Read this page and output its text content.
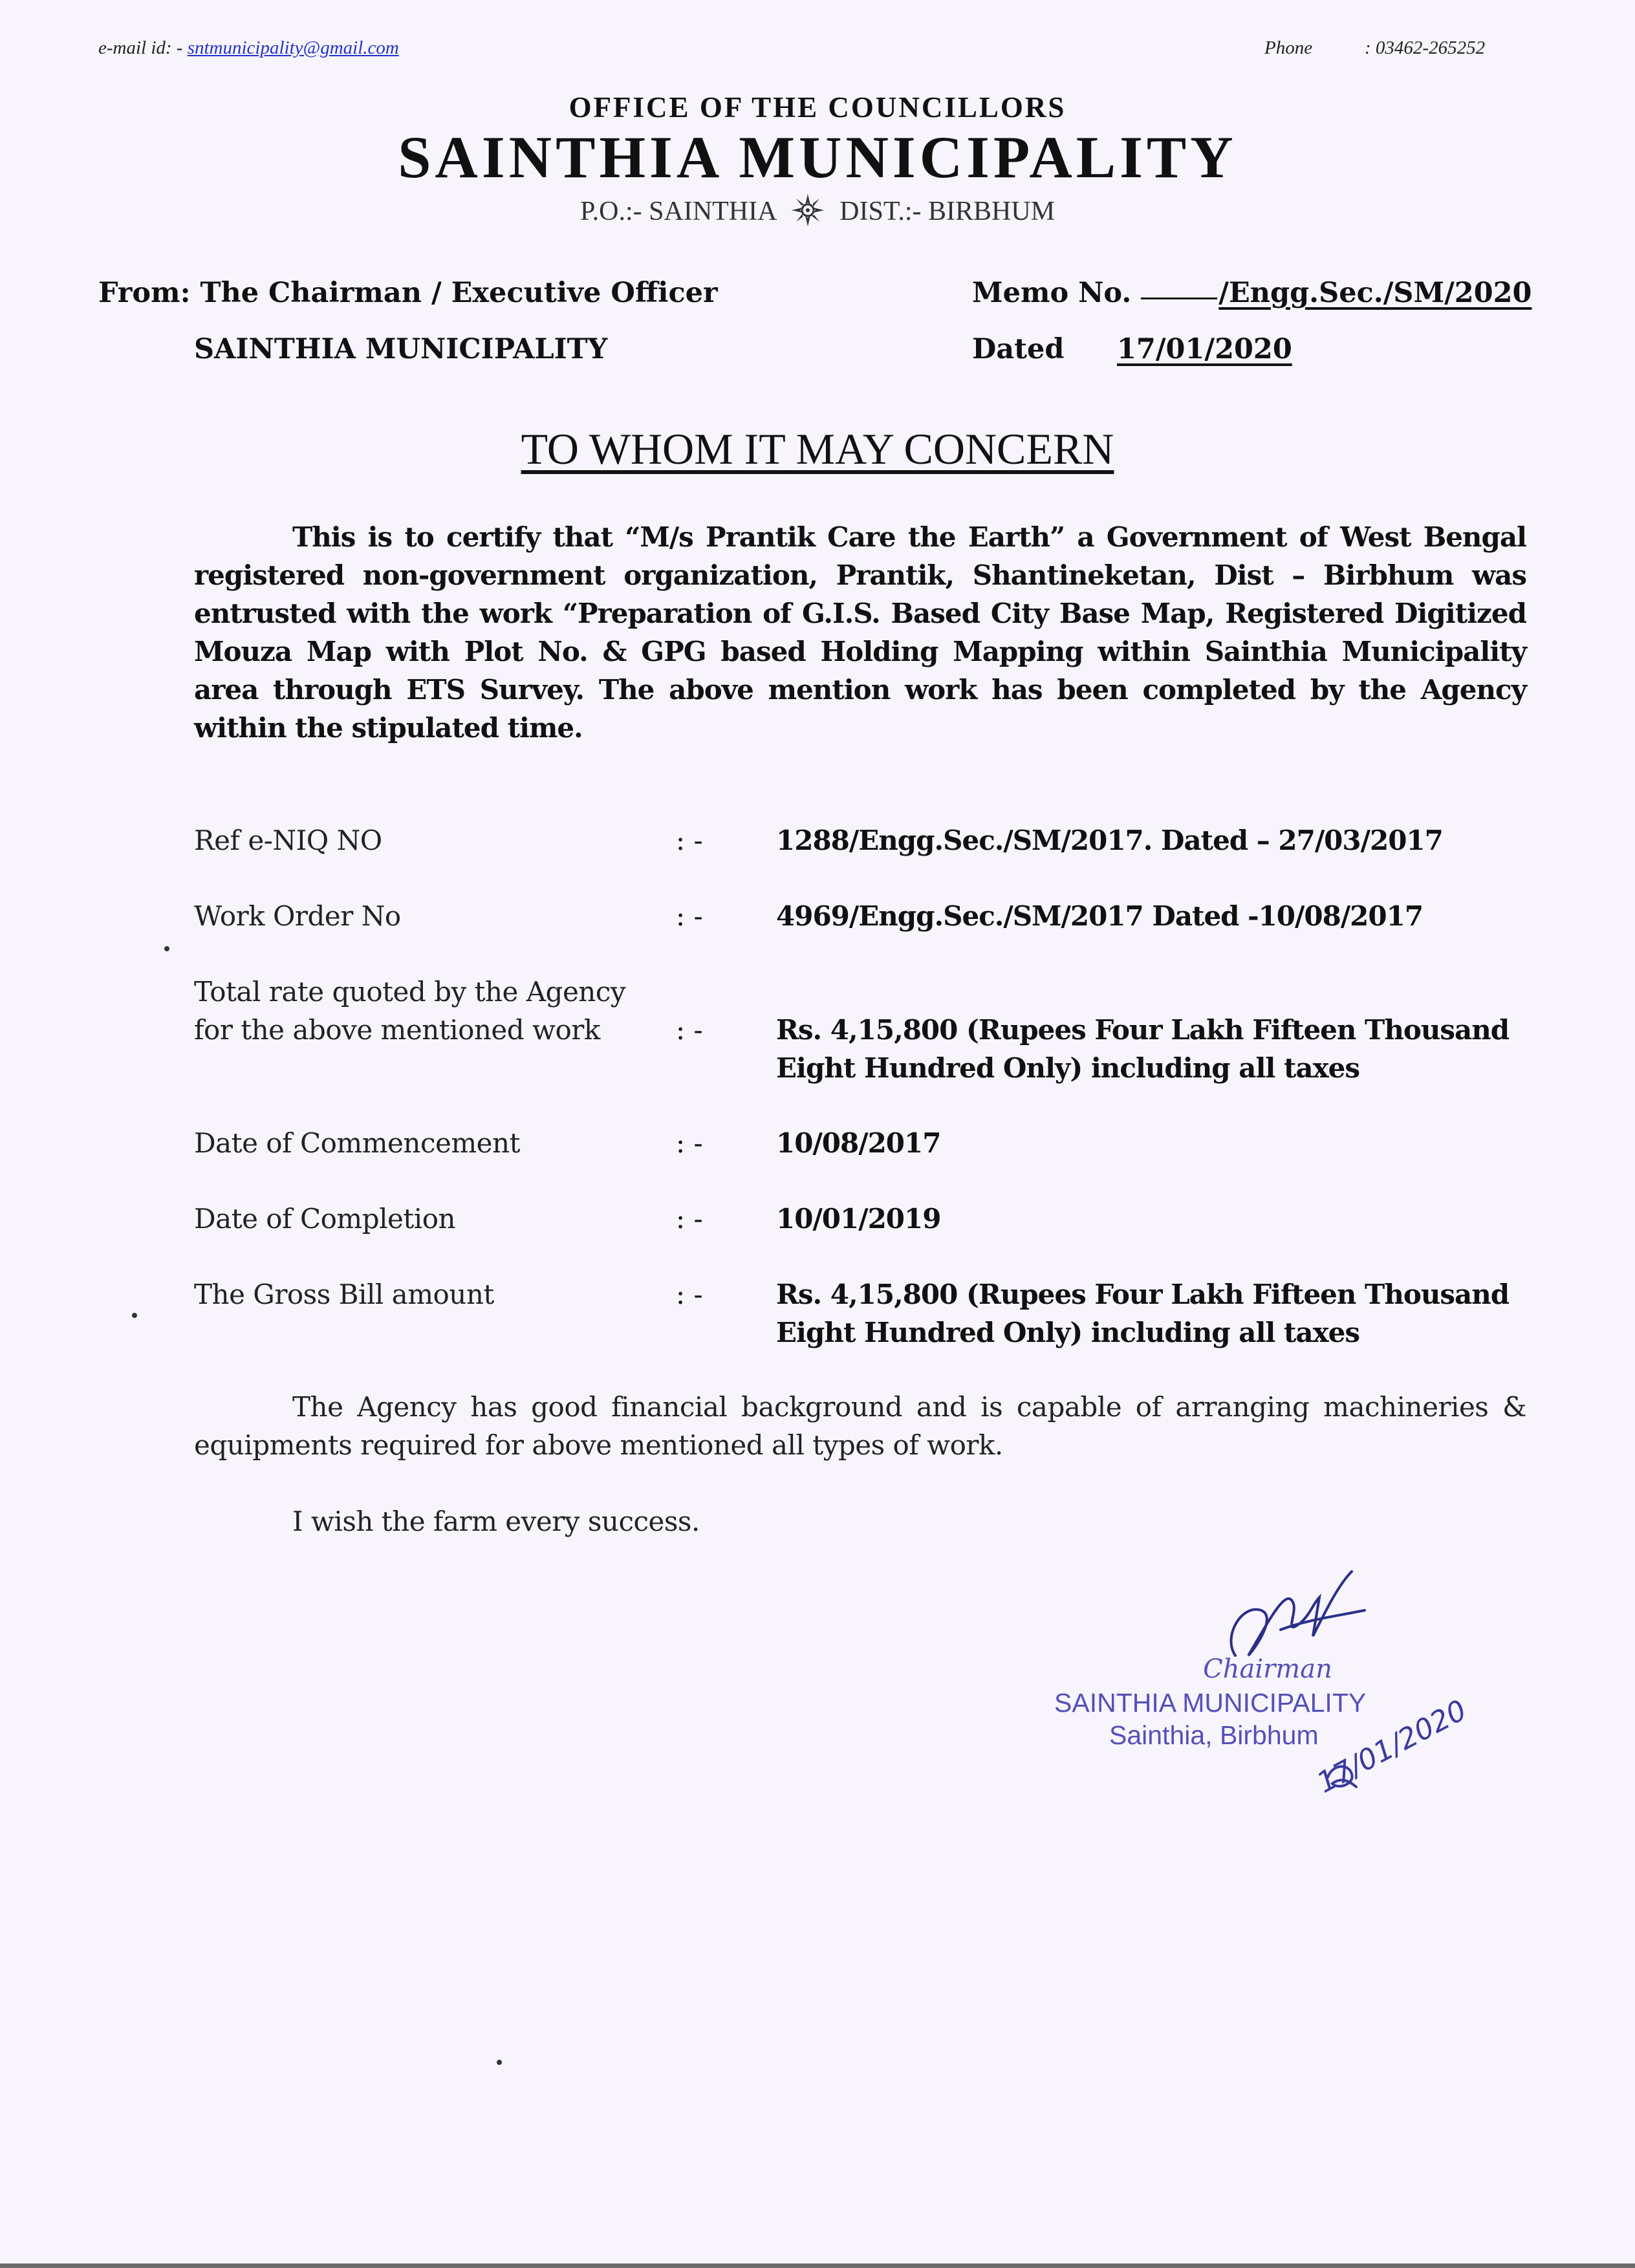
e-mail id: - sntmunicipality@gmail.com	Phone	: 03462-265252
OFFICE OF THE COUNCILLORS
SAINTHIA MUNICIPALITY
P.O.:- SAINTHIA DIST.:- BIRBHUM
From: The Chairman / Executive Officer
SAINTHIA MUNICIPALITY
Memo No.	/Engg.Sec./SM/2020
Dated 17/01/2020
TO WHOM IT MAY CONCERN
This is to certify that “M/s Prantik Care the Earth” a Government of West Bengal registered non-government organization, Prantik, Shantineketan, Dist – Birbhum was entrusted with the work “Preparation of G.I.S. Based City Base Map, Registered Digitized Mouza Map with Plot No. & GPG based Holding Mapping within Sainthia Municipality area through ETS Survey. The above mention work has been completed by the Agency within the stipulated time.
Ref e-NIQ NO	: -	1288/Engg.Sec./SM/2017. Dated – 27/03/2017
Work Order No	: -	4969/Engg.Sec./SM/2017 Dated -10/08/2017
Total rate quoted by the Agency for the above mentioned work	: -	Rs. 4,15,800 (Rupees Four Lakh Fifteen Thousand Eight Hundred Only) including all taxes
Date of Commencement	: -	10/08/2017
Date of Completion	: -	10/01/2019
The Gross Bill amount	: -	Rs. 4,15,800 (Rupees Four Lakh Fifteen Thousand Eight Hundred Only) including all taxes
The Agency has good financial background and is capable of arranging machineries & equipments required for above mentioned all types of work.
I wish the farm every success.
Chairman
SAINTHIA MUNICIPALITY
Sainthia, Birbhum
17/01/2020
